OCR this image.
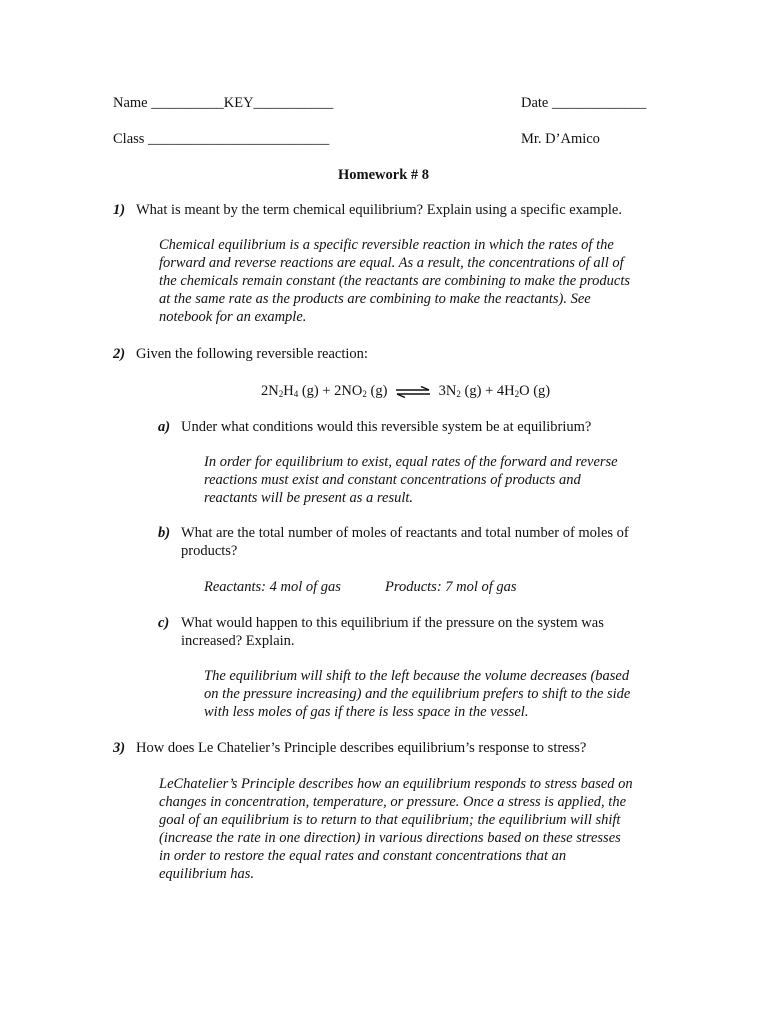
Name __________KEY___________	Date _____________
Class _________________________	Mr. D’Amico
Homework # 8
1) What is meant by the term chemical equilibrium? Explain using a specific example.

Chemical equilibrium is a specific reversible reaction in which the rates of the

forward and reverse reactions are equal. As a result, the concentrations of all of

the chemicals remain constant (the reactants are combining to make the products

at the same rate as the products are combining to make the reactants). See

notebook for an example.

2) Given the following reversible reaction:
$2N_2H_4$ $(g) + 2NO_2$ (g) ⇌ $3N_2$ $(g) + 4H_2O$ (g)
a) Under what conditions would this reversible system be at equilibrium?

In order for equilibrium to exist, equal rates of the forward and reverse

reactions must exist and constant concentrations of products and

reactants will be present as a result.

b) What are the total number of moles of reactants and total number of moles of
products?
Reactants: 4 mol of gas	Products: 7 mol of gas
c) What would happen to this equilibrium if the pressure on the system was
increased? Explain.

The equilibrium will shift to the left because the volume decreases (based

on the pressure increasing) and the equilibrium prefers to shift to the side

with less moles of gas if there is less space in the vessel.

3) How does Le Chatelier’s Principle describes equilibrium’s response to stress?

LeChatelier’s Principle describes how an equilibrium responds to stress based on

changes in concentration, temperature, or pressure. Once a stress is applied, the

goal of an equilibrium is to return to that equilibrium; the equilibrium will shift

(increase the rate in one direction) in various directions based on these stresses

in order to restore the equal rates and constant concentrations that an

equilibrium has.
